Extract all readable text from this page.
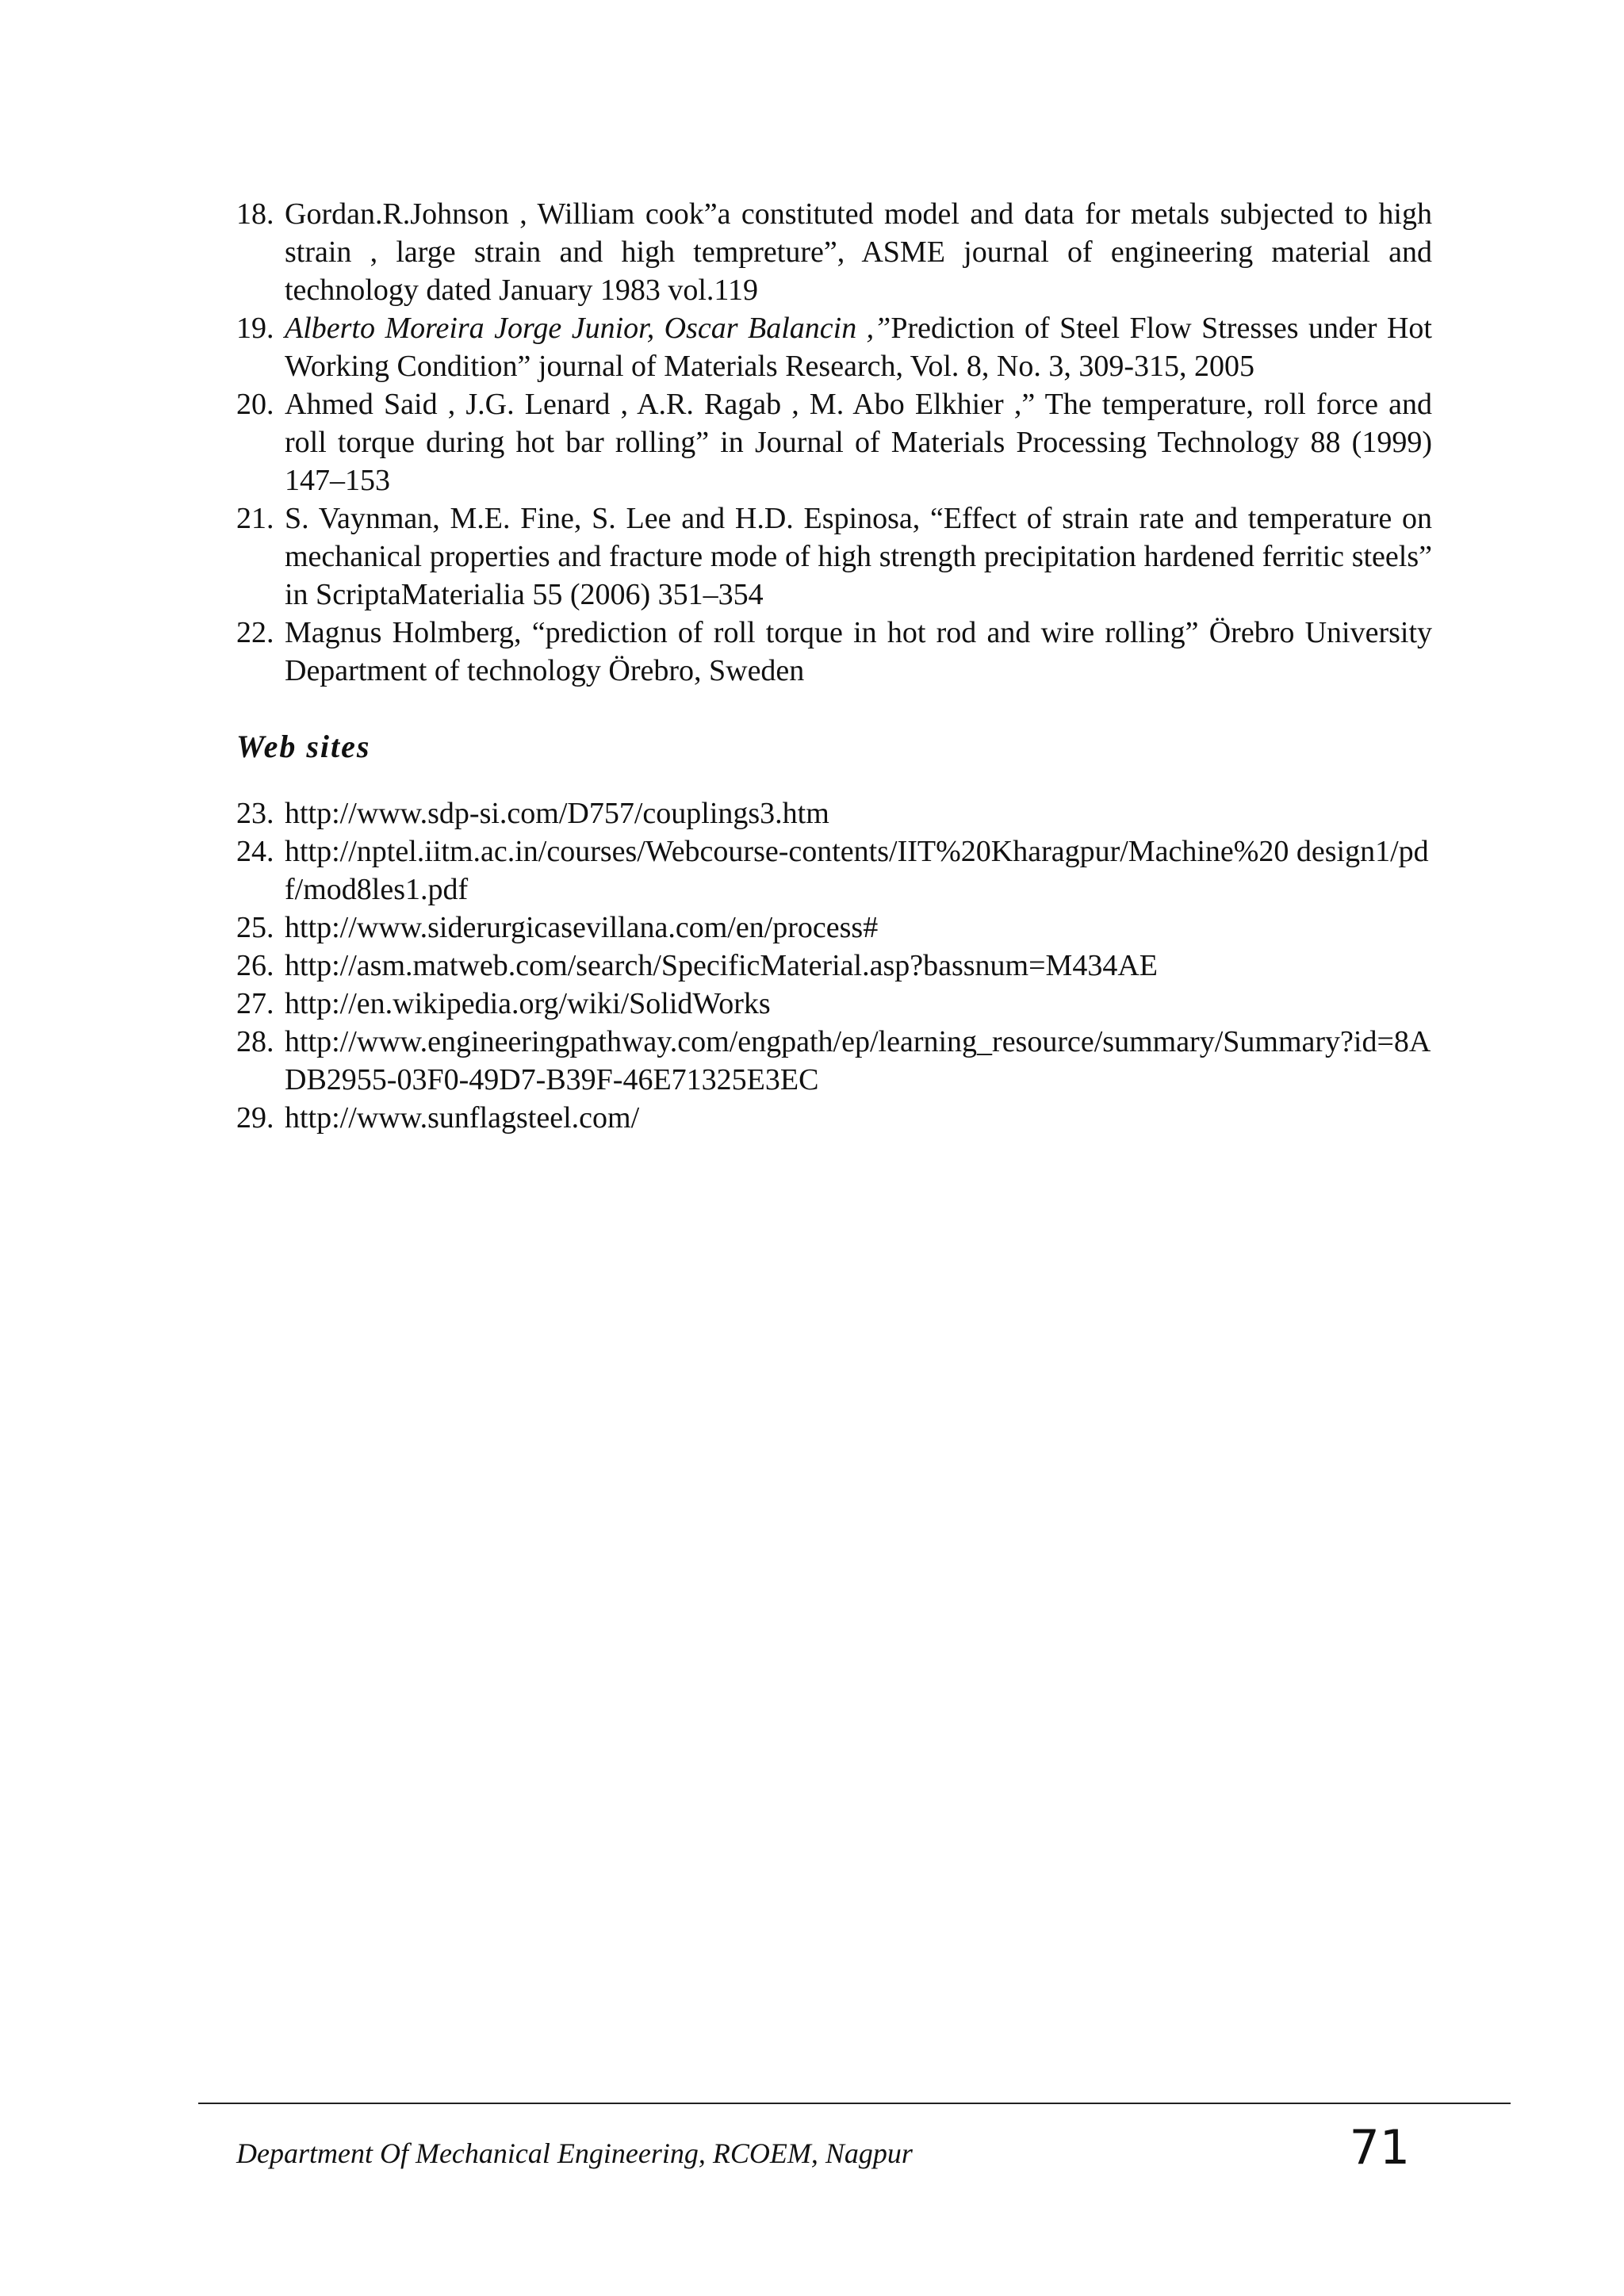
18. Gordan.R.Johnson , William cook”a constituted model and data for metals subjected to high strain , large strain and high tempreture”, ASME journal of engineering material and technology dated January 1983 vol.119
19. Alberto Moreira Jorge Junior, Oscar Balancin ,”Prediction of Steel Flow Stresses under Hot Working Condition” journal of Materials Research, Vol. 8, No. 3, 309-315, 2005
20. Ahmed Said , J.G. Lenard , A.R. Ragab , M. Abo Elkhier ,” The temperature, roll force and roll torque during hot bar rolling” in Journal of Materials Processing Technology 88 (1999) 147–153
21. S. Vaynman, M.E. Fine, S. Lee and H.D. Espinosa, “Effect of strain rate and temperature on mechanical properties and fracture mode of high strength precipitation hardened ferritic steels” in ScriptaMaterialia 55 (2006) 351–354
22. Magnus Holmberg, “prediction of roll torque in hot rod and wire rolling” Örebro University Department of technology Örebro, Sweden
Web sites
23. http://www.sdp-si.com/D757/couplings3.htm
24. http://nptel.iitm.ac.in/courses/Webcourse-contents/IIT%20Kharagpur/Machine%20 design1/pdf/mod8les1.pdf
25. http://www.siderurgicasevillana.com/en/process#
26. http://asm.matweb.com/search/SpecificMaterial.asp?bassnum=M434AE
27. http://en.wikipedia.org/wiki/SolidWorks
28. http://www.engineeringpathway.com/engpath/ep/learning_resource/summary/Summary?id=8ADB2955-03F0-49D7-B39F-46E71325E3EC
29. http://www.sunflagsteel.com/
Department Of Mechanical Engineering, RCOEM, Nagpur	71
